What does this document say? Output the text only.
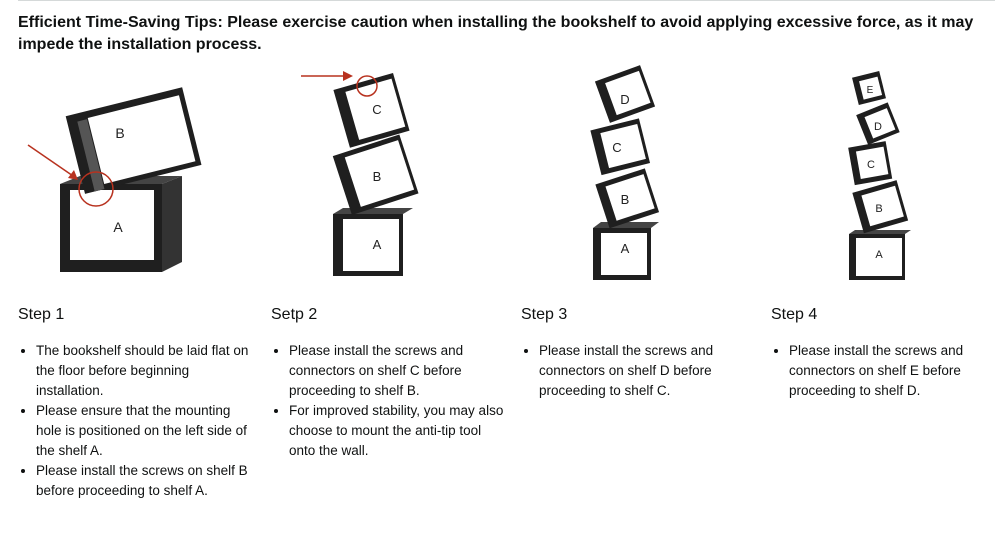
Efficient Time-Saving Tips: Please exercise caution when installing the bookshelf to avoid applying excessive force, as it may impede the installation process.
A
B
Step 1
• The bookshelf should be laid flat on the floor before beginning installation.
• Please ensure that the mounting hole is positioned on the left side of the shelf A.
• Please install the screws on shelf B before proceeding to shelf A.
A
B
C
Setp 2
• Please install the screws and connectors on shelf C before proceeding to shelf B.
• For improved stability, you may also choose to mount the anti-tip tool onto the wall.
A
B
C
D
Step 3
• Please install the screws and connectors on shelf D before proceeding to shelf C.
A
B
C
D
E
Step 4
• Please install the screws and connectors on shelf E before proceeding to shelf D.
